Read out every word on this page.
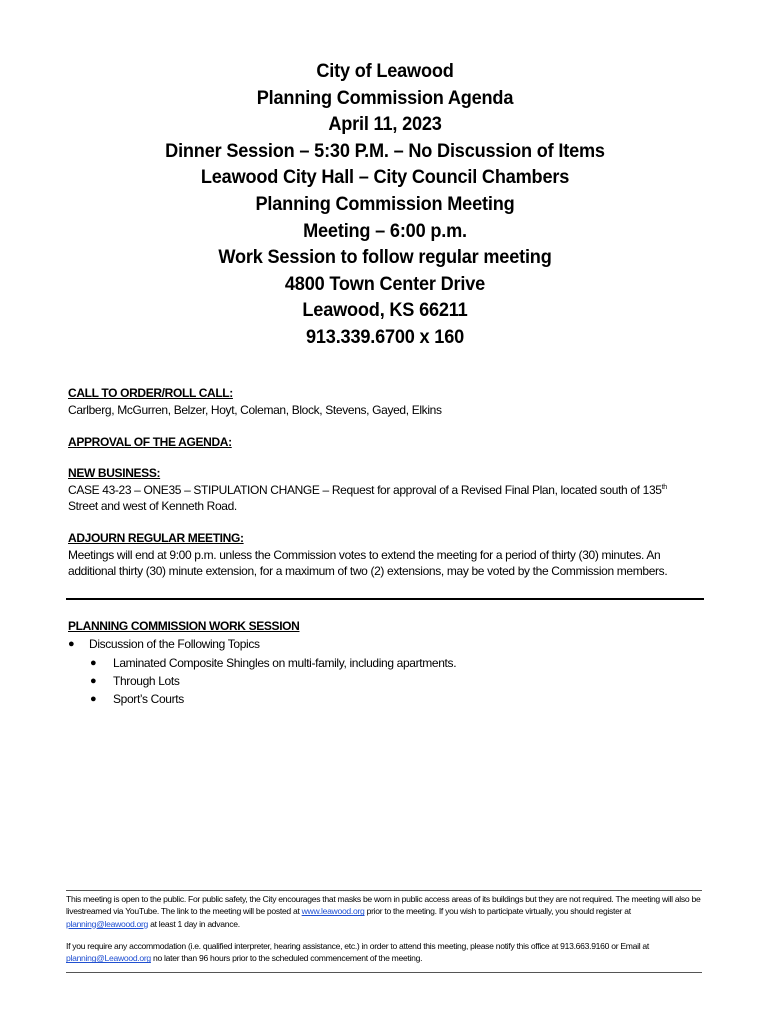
City of Leawood
Planning Commission Agenda
April 11, 2023
Dinner Session – 5:30 P.M. – No Discussion of Items
Leawood City Hall – City Council Chambers
Planning Commission Meeting
Meeting – 6:00 p.m.
Work Session to follow regular meeting
4800 Town Center Drive
Leawood, KS 66211
913.339.6700 x 160
CALL TO ORDER/ROLL CALL:
Carlberg, McGurren, Belzer, Hoyt, Coleman, Block, Stevens, Gayed, Elkins
APPROVAL OF THE AGENDA:
NEW BUSINESS:
CASE 43-23 – ONE35 – STIPULATION CHANGE – Request for approval of a Revised Final Plan, located south of 135th
Street and west of Kenneth Road.
ADJOURN REGULAR MEETING:
Meetings will end at 9:00 p.m. unless the Commission votes to extend the meeting for a period of thirty (30) minutes. An additional thirty (30) minute extension, for a maximum of two (2) extensions, may be voted by the Commission members.
PLANNING COMMISSION WORK SESSION
● Discussion of the Following Topics
● Laminated Composite Shingles on multi-family, including apartments.
● Through Lots
● Sport’s Courts
This meeting is open to the public. For public safety, the City encourages that masks be worn in public access areas of its buildings but they are not required. The meeting will also be livestreamed via YouTube. The link to the meeting will be posted at www.leawood.org prior to the meeting. If you wish to participate virtually, you should register at planning@leawood.org at least 1 day in advance.
If you require any accommodation (i.e. qualified interpreter, hearing assistance, etc.) in order to attend this meeting, please notify this office at 913.663.9160 or Email at planning@Leawood.org no later than 96 hours prior to the scheduled commencement of the meeting.
